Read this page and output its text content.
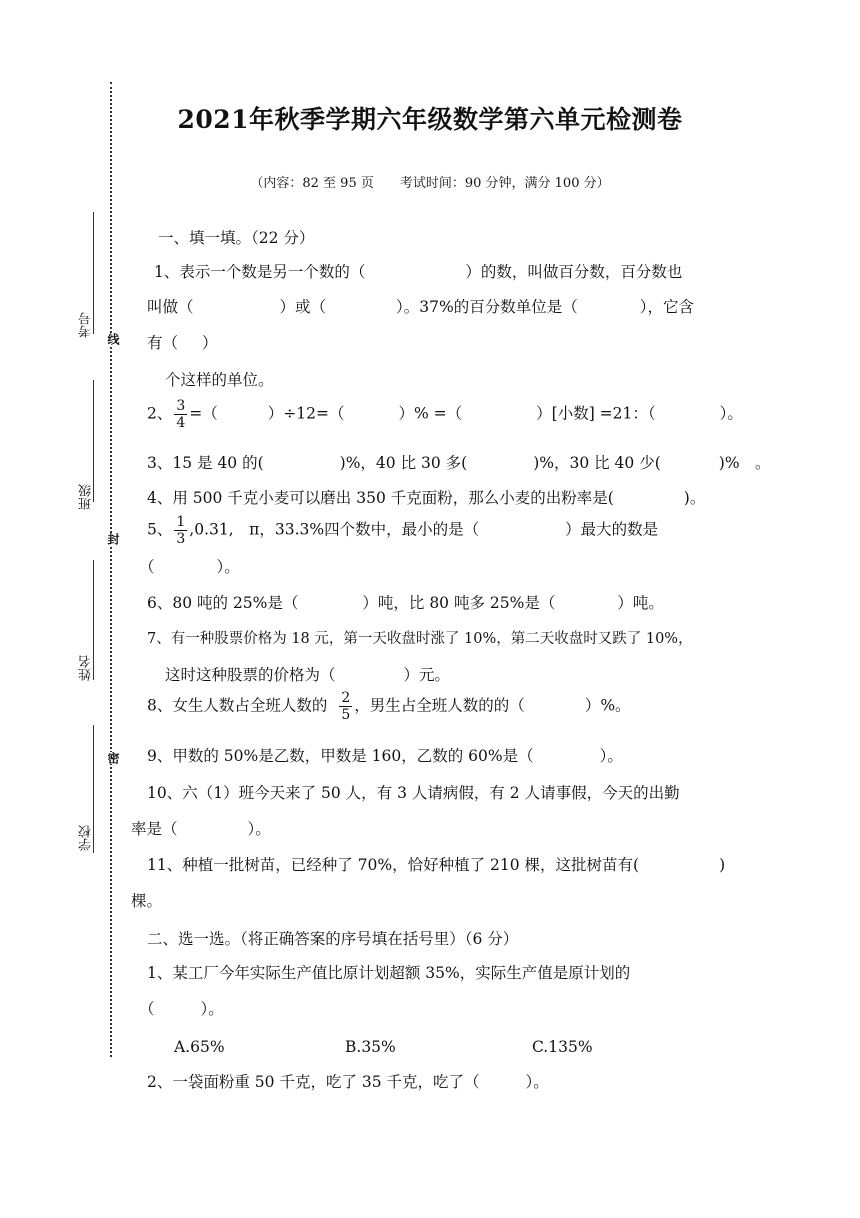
考号
班级
姓名
学校
线
封
密
2021年秋季学期六年级数学第六单元检测卷
（内容：82 至 95 页　　考试时间：90 分钟，满分 100 分）
一、填一填。（22 分）
1、表示一个数是另一个数的（	）的数，叫做百分数，百分数也
叫做（	）或（	）。37%的百分数单位是（	），它含
有（ ）
个这样的单位。
2、 $\frac{3}{4}$ =（	）÷12=（	）% =（	）[小数] =21：（	）。
3、15 是 40 的(	)%，40 比 30 多(	)%，30 比 40 少(	)%　。
4、用 500 千克小麦可以磨出 350 千克面粉，那么小麦的出粉率是(	)。
5、 $\frac{1}{3} ,0.31$,　π，33.3%四个数中，最小的是（	）最大的数是
（	）。
6、80 吨的 25%是（	）吨，比 80 吨多 25%是（	）吨。
7、有一种股票价格为 18 元，第一天收盘时涨了 10%，第二天收盘时又跌了 10%，
这时这种股票的价格为（	）元。
8、女生人数占全班人数的 $\frac{2}{5}$ ，男生占全班人数的的（	）%。
9、甲数的 50%是乙数，甲数是 160，乙数的 60%是（	）。
10、六（1）班今天来了 50 人，有 3 人请病假，有 2 人请事假，今天的出勤
率是（	）。
11、种植一批树苗，已经种了 70%，恰好种植了 210 棵，这批树苗有(	)
棵。
二、选一选。（将正确答案的序号填在括号里）（6 分）
1、某工厂今年实际生产值比原计划超额 35%，实际生产值是原计划的
（	）。
A.65%	B.35%	C.135%
2、一袋面粉重 50 千克，吃了 35 千克，吃了（	）。
